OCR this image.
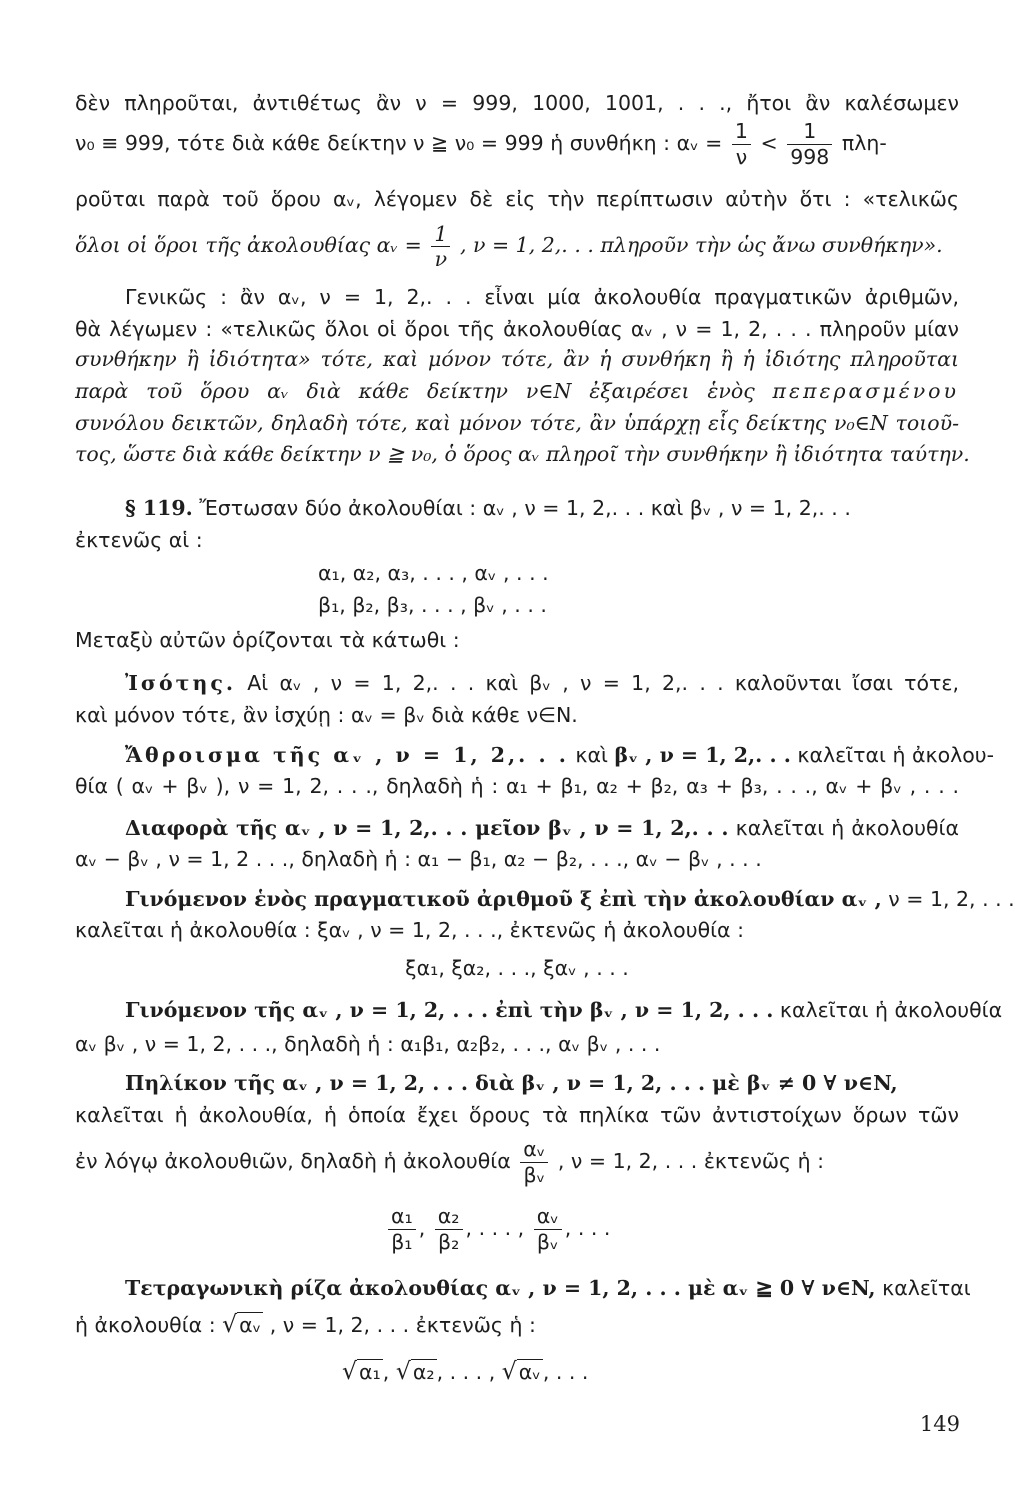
δὲν πληροῦται, ἀντιθέτως ἂν ν = 999, 1000, 1001, . . ., ἤτοι ἂν καλέσωμεν
ν₀ ≡ 999, τότε διὰ κάθε δείκτην ν ≧ ν₀ = 999 ἡ συνθήκη : αᵥ = $\frac{1}{\nu} < \frac{1}{998} \pi\lambda\eta-$
ροῦται παρὰ τοῦ ὅρου αᵥ, λέγομεν δὲ εἰς τὴν περίπτωσιν αὐτὴν ὅτι : «τελικῶς
ὅλοι οἱ ὅροι τῆς ἀκολουθίας αᵥ = $\frac{1}{\nu}$ , ν = 1, 2,. . . πληροῦν τὴν ὡς ἄνω συνθήκην».
Γενικῶς : ἂν αᵥ, ν = 1, 2,. . . εἶναι μία ἀκολουθία πραγματικῶν ἀριθμῶν,
θὰ λέγωμεν : «τελικῶς ὅλοι οἱ ὅροι τῆς ἀκολουθίας αᵥ , ν = 1, 2, . . . πληροῦν μίαν
συνθήκην ἢ ἰδιότητα» τότε, καὶ μόνον τότε, ἂν ἡ συνθήκη ἢ ἡ ἰδιότης πληροῦται
παρὰ τοῦ ὅρου αᵥ διὰ κάθε δείκτην ν∈N ἐξαιρέσει ἑνὸς πεπερασμένου
συνόλου δεικτῶν, δηλαδὴ τότε, καὶ μόνον τότε, ἂν ὑπάρχῃ εἷς δείκτης ν₀∈N τοιοῦ-
τος, ὥστε διὰ κάθε δείκτην ν ≧ ν₀, ὁ ὅρος αᵥ πληροῖ τὴν συνθήκην ἢ ἰδιότητα ταύτην.
§ 119. Ἔστωσαν δύο ἀκολουθίαι : αᵥ , ν = 1, 2,. . . καὶ βᵥ , ν = 1, 2,. . .
ἐκτενῶς αἱ :
α₁, α₂, α₃, . . . , αᵥ , . . .
β₁, β₂, β₃, . . . , βᵥ , . . .
Μεταξὺ αὐτῶν ὁρίζονται τὰ κάτωθι :
Ἰσότης. Αἱ αᵥ , ν = 1, 2,. . . καὶ βᵥ , ν = 1, 2,. . . καλοῦνται ἴσαι τότε,
καὶ μόνον τότε, ἂν ἰσχύῃ : αᵥ = βᵥ διὰ κάθε ν∈N.
Ἄθροισμα τῆς αᵥ , ν = 1, 2,. . . καὶ βᵥ , ν = 1, 2,. . . καλεῖται ἡ ἀκολου-
θία ( αᵥ + βᵥ ), ν = 1, 2, . . ., δηλαδὴ ἡ : α₁ + β₁, α₂ + β₂, α₃ + β₃, . . ., αᵥ + βᵥ , . . .
Διαφορὰ τῆς αᵥ , ν = 1, 2,. . . μεῖον βᵥ , ν = 1, 2,. . . καλεῖται ἡ ἀκολουθία
αᵥ − βᵥ , ν = 1, 2 . . ., δηλαδὴ ἡ : α₁ − β₁, α₂ − β₂, . . ., αᵥ − βᵥ , . . .
Γινόμενον ἑνὸς πραγματικοῦ ἀριθμοῦ ξ ἐπὶ τὴν ἀκολουθίαν αᵥ , ν = 1, 2, . . .
καλεῖται ἡ ἀκολουθία : ξαᵥ , ν = 1, 2, . . ., ἐκτενῶς ἡ ἀκολουθία :
ξα₁, ξα₂, . . ., ξαᵥ , . . .
Γινόμενον τῆς αᵥ , ν = 1, 2, . . . ἐπὶ τὴν βᵥ , ν = 1, 2, . . . καλεῖται ἡ ἀκολουθία
αᵥ βᵥ , ν = 1, 2, . . ., δηλαδὴ ἡ : α₁β₁, α₂β₂, . . ., αᵥ βᵥ , . . .
Πηλίκον τῆς αᵥ , ν = 1, 2, . . . διὰ βᵥ , ν = 1, 2, . . . μὲ βᵥ ≠ 0 ∀ ν∈N,
καλεῖται ἡ ἀκολουθία, ἡ ὁποία ἔχει ὅρους τὰ πηλίκα τῶν ἀντιστοίχων ὅρων τῶν
ἐν λόγῳ ἀκολουθιῶν, δηλαδὴ ἡ ἀκολουθία $\frac{\text{αᵥ}}{\text{βᵥ}}$ , ν = 1, 2, . . . ἐκτενῶς ἡ :
$\frac{\text{α₁}}{\text{β₁}}$ , $\frac{\text{α₂}}{\text{β₂}}$ , . . . , $\frac{\text{αᵥ}}{\text{βᵥ}}$ , . . .
Τετραγωνικὴ ρίζα ἀκολουθίας αᵥ , ν = 1, 2, . . . μὲ αᵥ ≧ 0 ∀ ν∈N, καλεῖται
ἡ ἀκολουθία : √αᵥ , ν = 1, 2, . . . ἐκτενῶς ἡ :
√α₁, √α₂, . . . , √αᵥ, . . .
149
